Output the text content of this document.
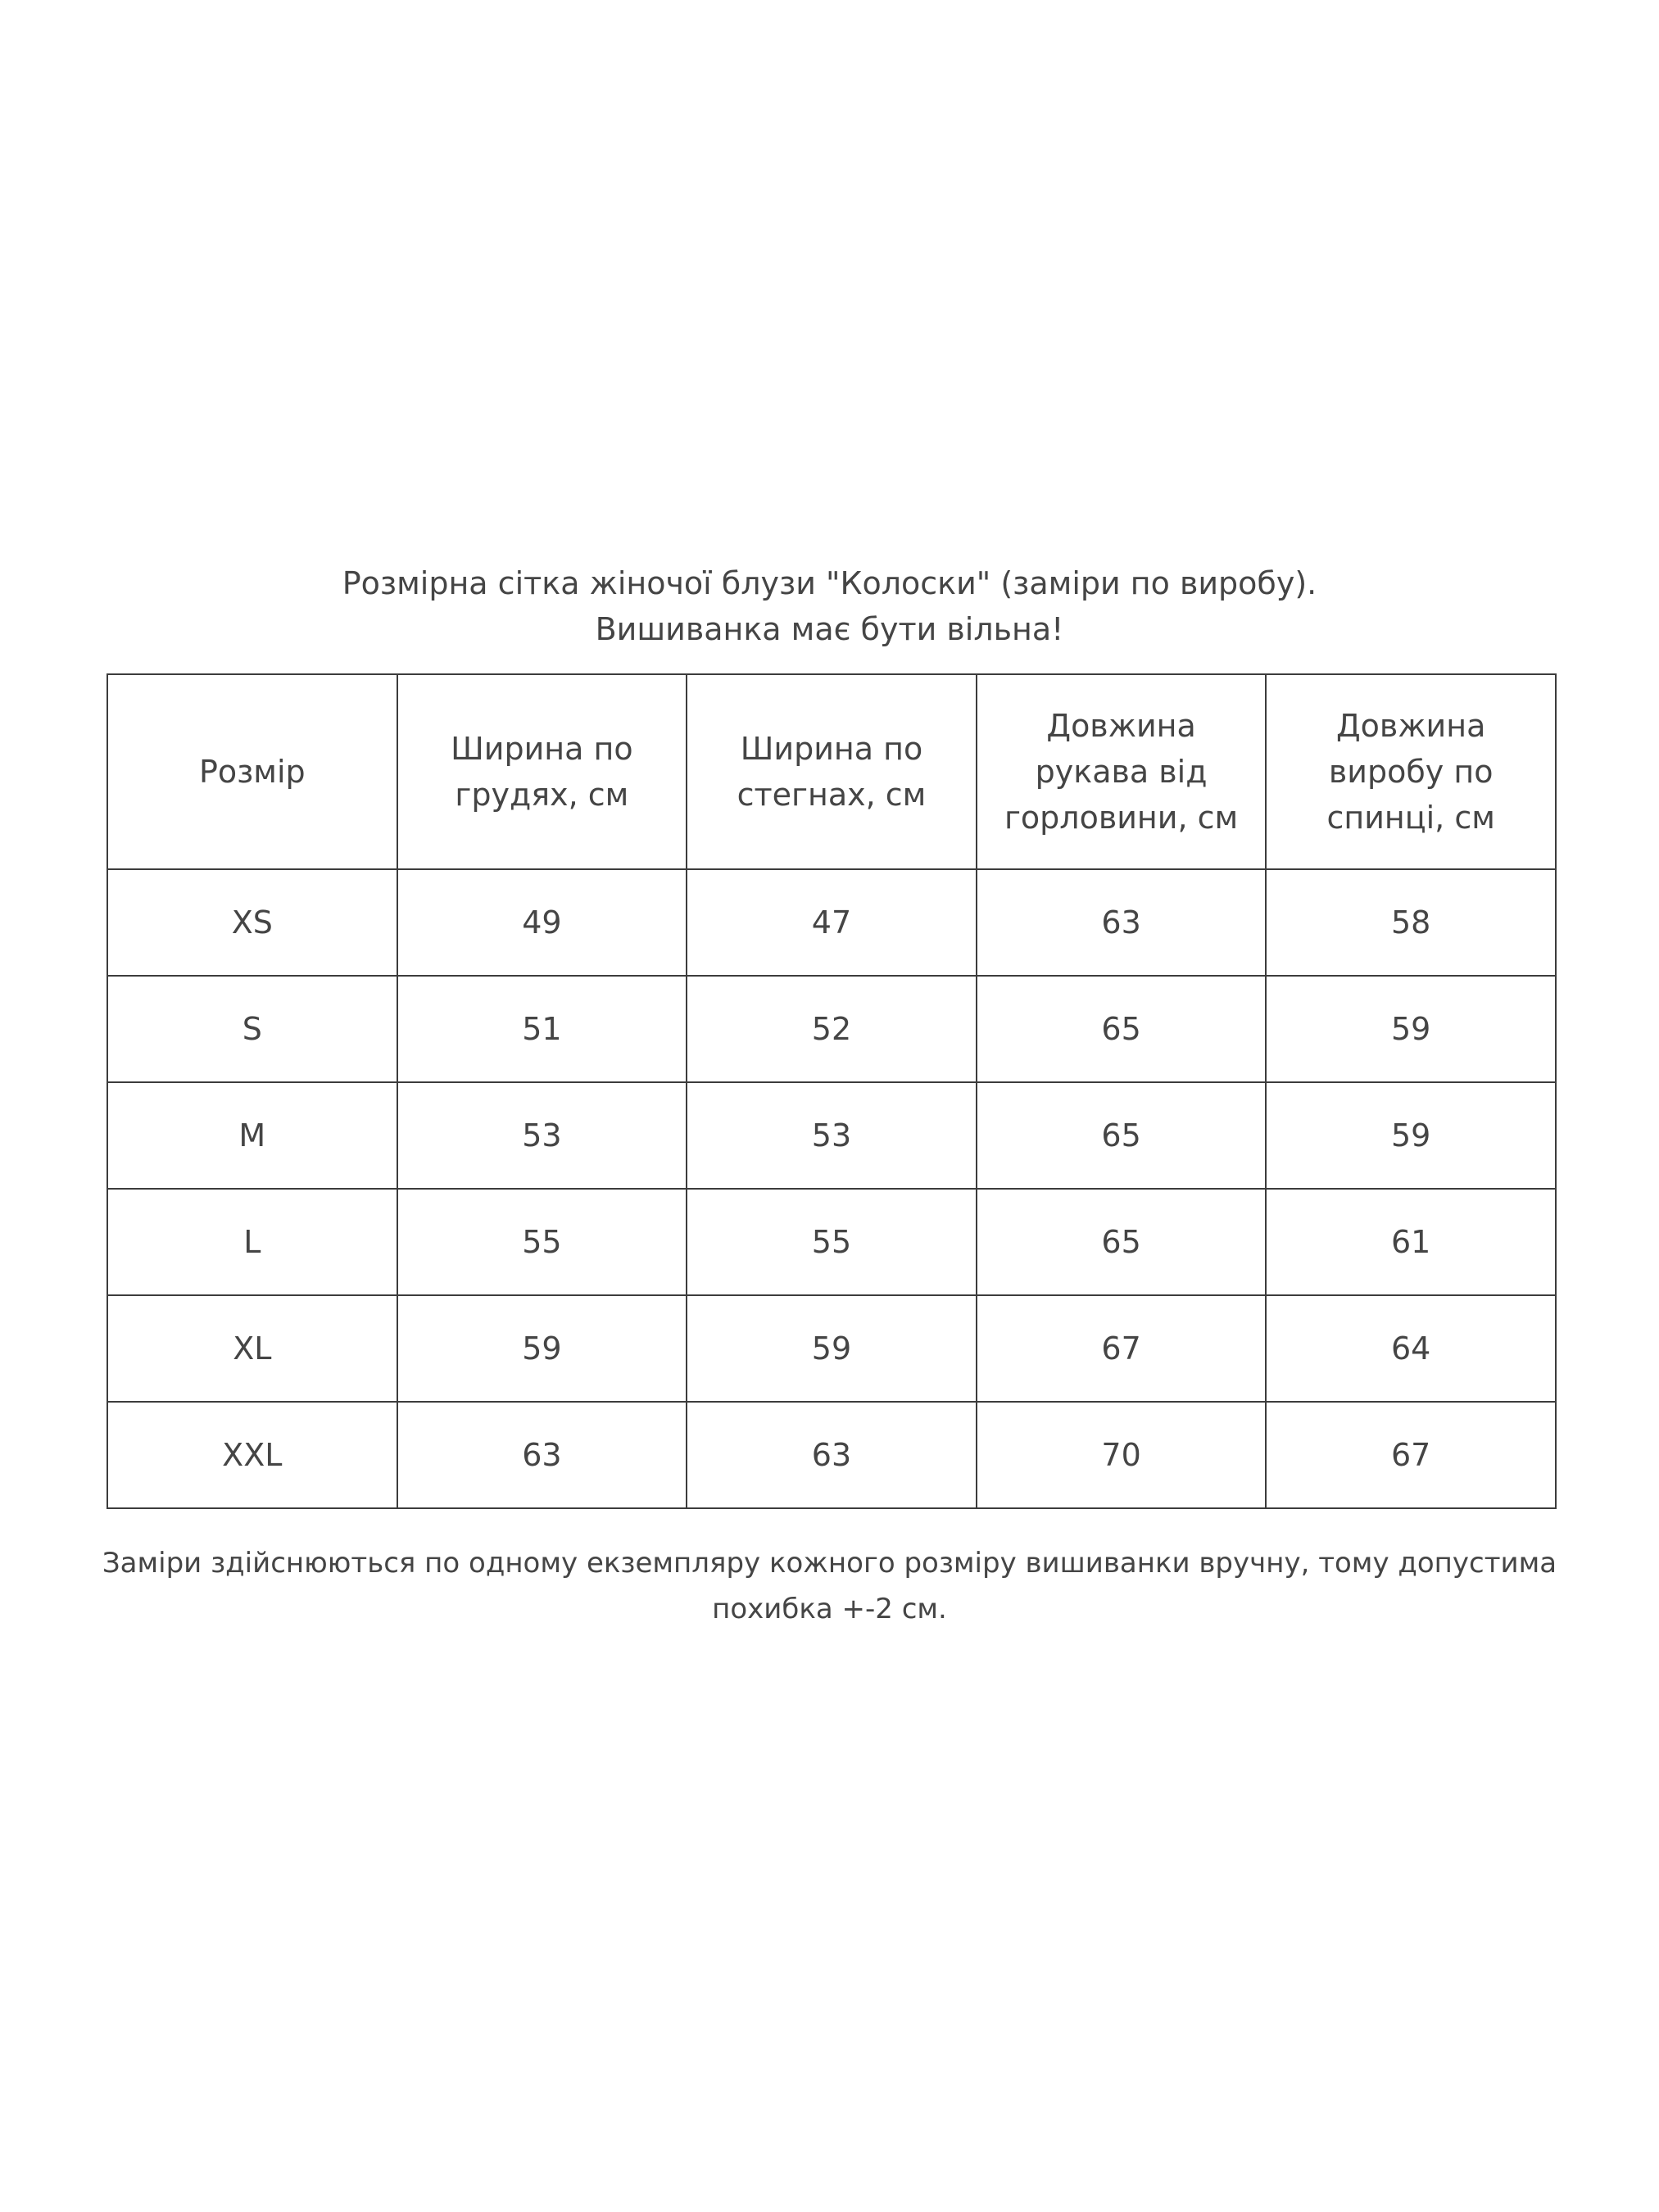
Розмірна сітка жіночої блузи "Колоски" (заміри по виробу).
Вишиванка має бути вільна!
Розмір	Ширина по грудях, см	Ширина по стегнах, см	Довжина рукава від горловини, см	Довжина виробу по спинці, см
XS	49	47	63	58
S	51	52	65	59
M	53	53	65	59
L	55	55	65	61
XL	59	59	67	64
XXL	63	63	70	67
Заміри здійснюються по одному екземпляру кожного розміру вишиванки вручну, тому допустима
похибка +-2 см.
